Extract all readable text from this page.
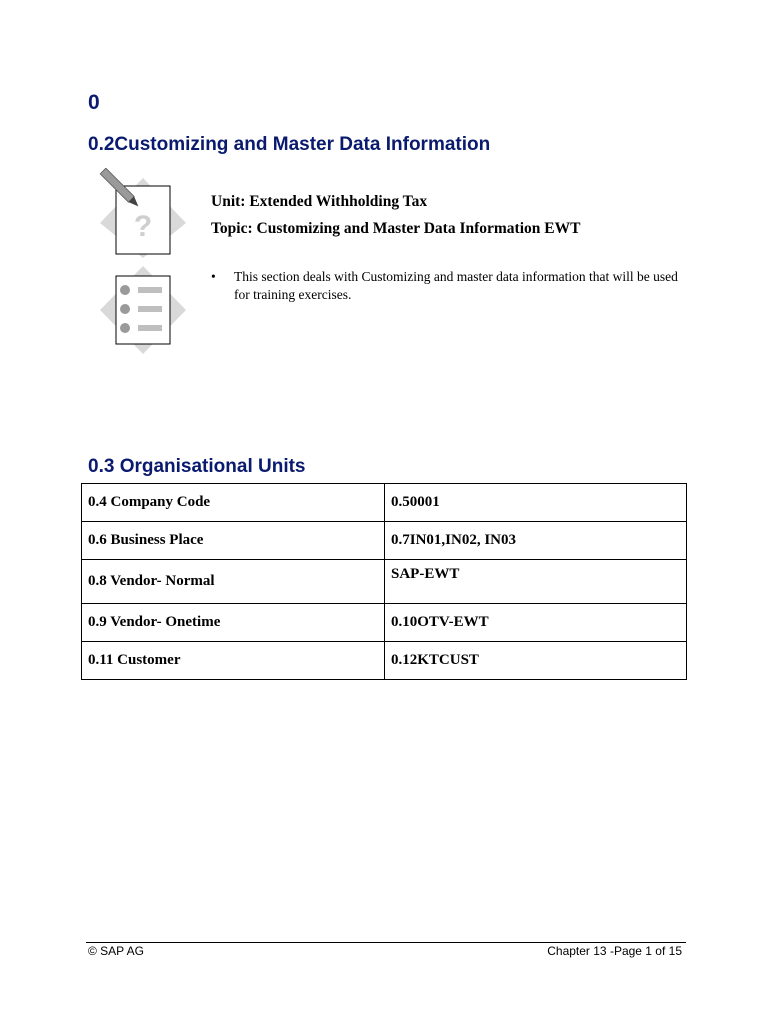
0
0.2Customizing and Master Data Information
?
Unit: Extended Withholding Tax
Topic: Customizing and Master Data Information EWT
•	This section deals with Customizing and master data information that will be used for training exercises.
0.3 Organisational Units
0.4 Company Code	0.50001
0.6 Business Place	0.7IN01,IN02, IN03
0.8 Vendor- Normal	SAP-EWT
0.9 Vendor- Onetime	0.10OTV-EWT
0.11 Customer	0.12KTCUST
© SAP AG	Chapter 13 -Page 1 of 15
